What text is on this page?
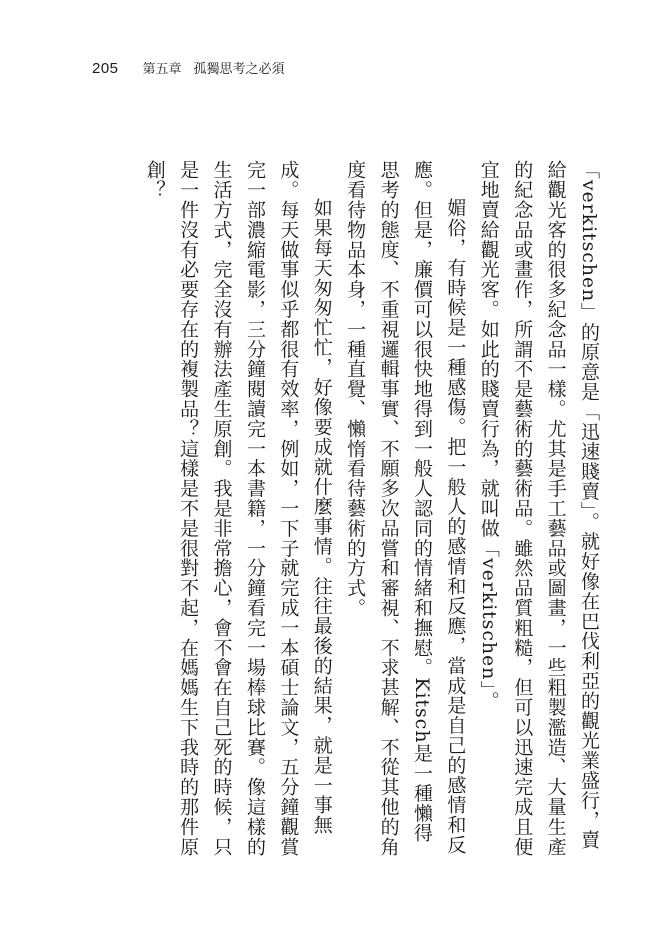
205 第五章 孤獨思考之必須

「verkitschen」的原意是「迅速賤賣」。就好像在巴伐利亞的觀光業盛行，賣給觀光客的很多紀念品一樣。尤其是手工藝品或圖畫，一些粗製濫造、大量生產的紀念品或畫作，所謂不是藝術的藝術品。雖然品質粗糙，但可以迅速完成且便宜地賣給觀光客。如此的賤賣行為，就叫做「verkitschen」。

媚俗，有時候是一種感傷。把一般人的感情和反應，當成是自己的感情和反應。但是，廉價可以很快地得到一般人認同的情緒和撫慰。Kitsch是一種懶得思考的態度、不重視邏輯事實、不願多次品嘗和審視、不求甚解、不從其他的角度看待物品本身，一種直覺、懶惰看待藝術的方式。

如果每天匆匆忙忙，好像要成就什麼事情。往往最後的結果，就是一事無成。每天做事似乎都很有效率，例如，一下子就完成一本碩士論文，五分鐘觀賞完一部濃縮電影，三分鐘閱讀完一本書籍，一分鐘看完一場棒球比賽。像這樣的生活方式，完全沒有辦法產生原創。我是非常擔心，會不會在自己死的時候，只是一件沒有必要存在的複製品？這樣是不是很對不起，在媽媽生下我時的那件原創？
